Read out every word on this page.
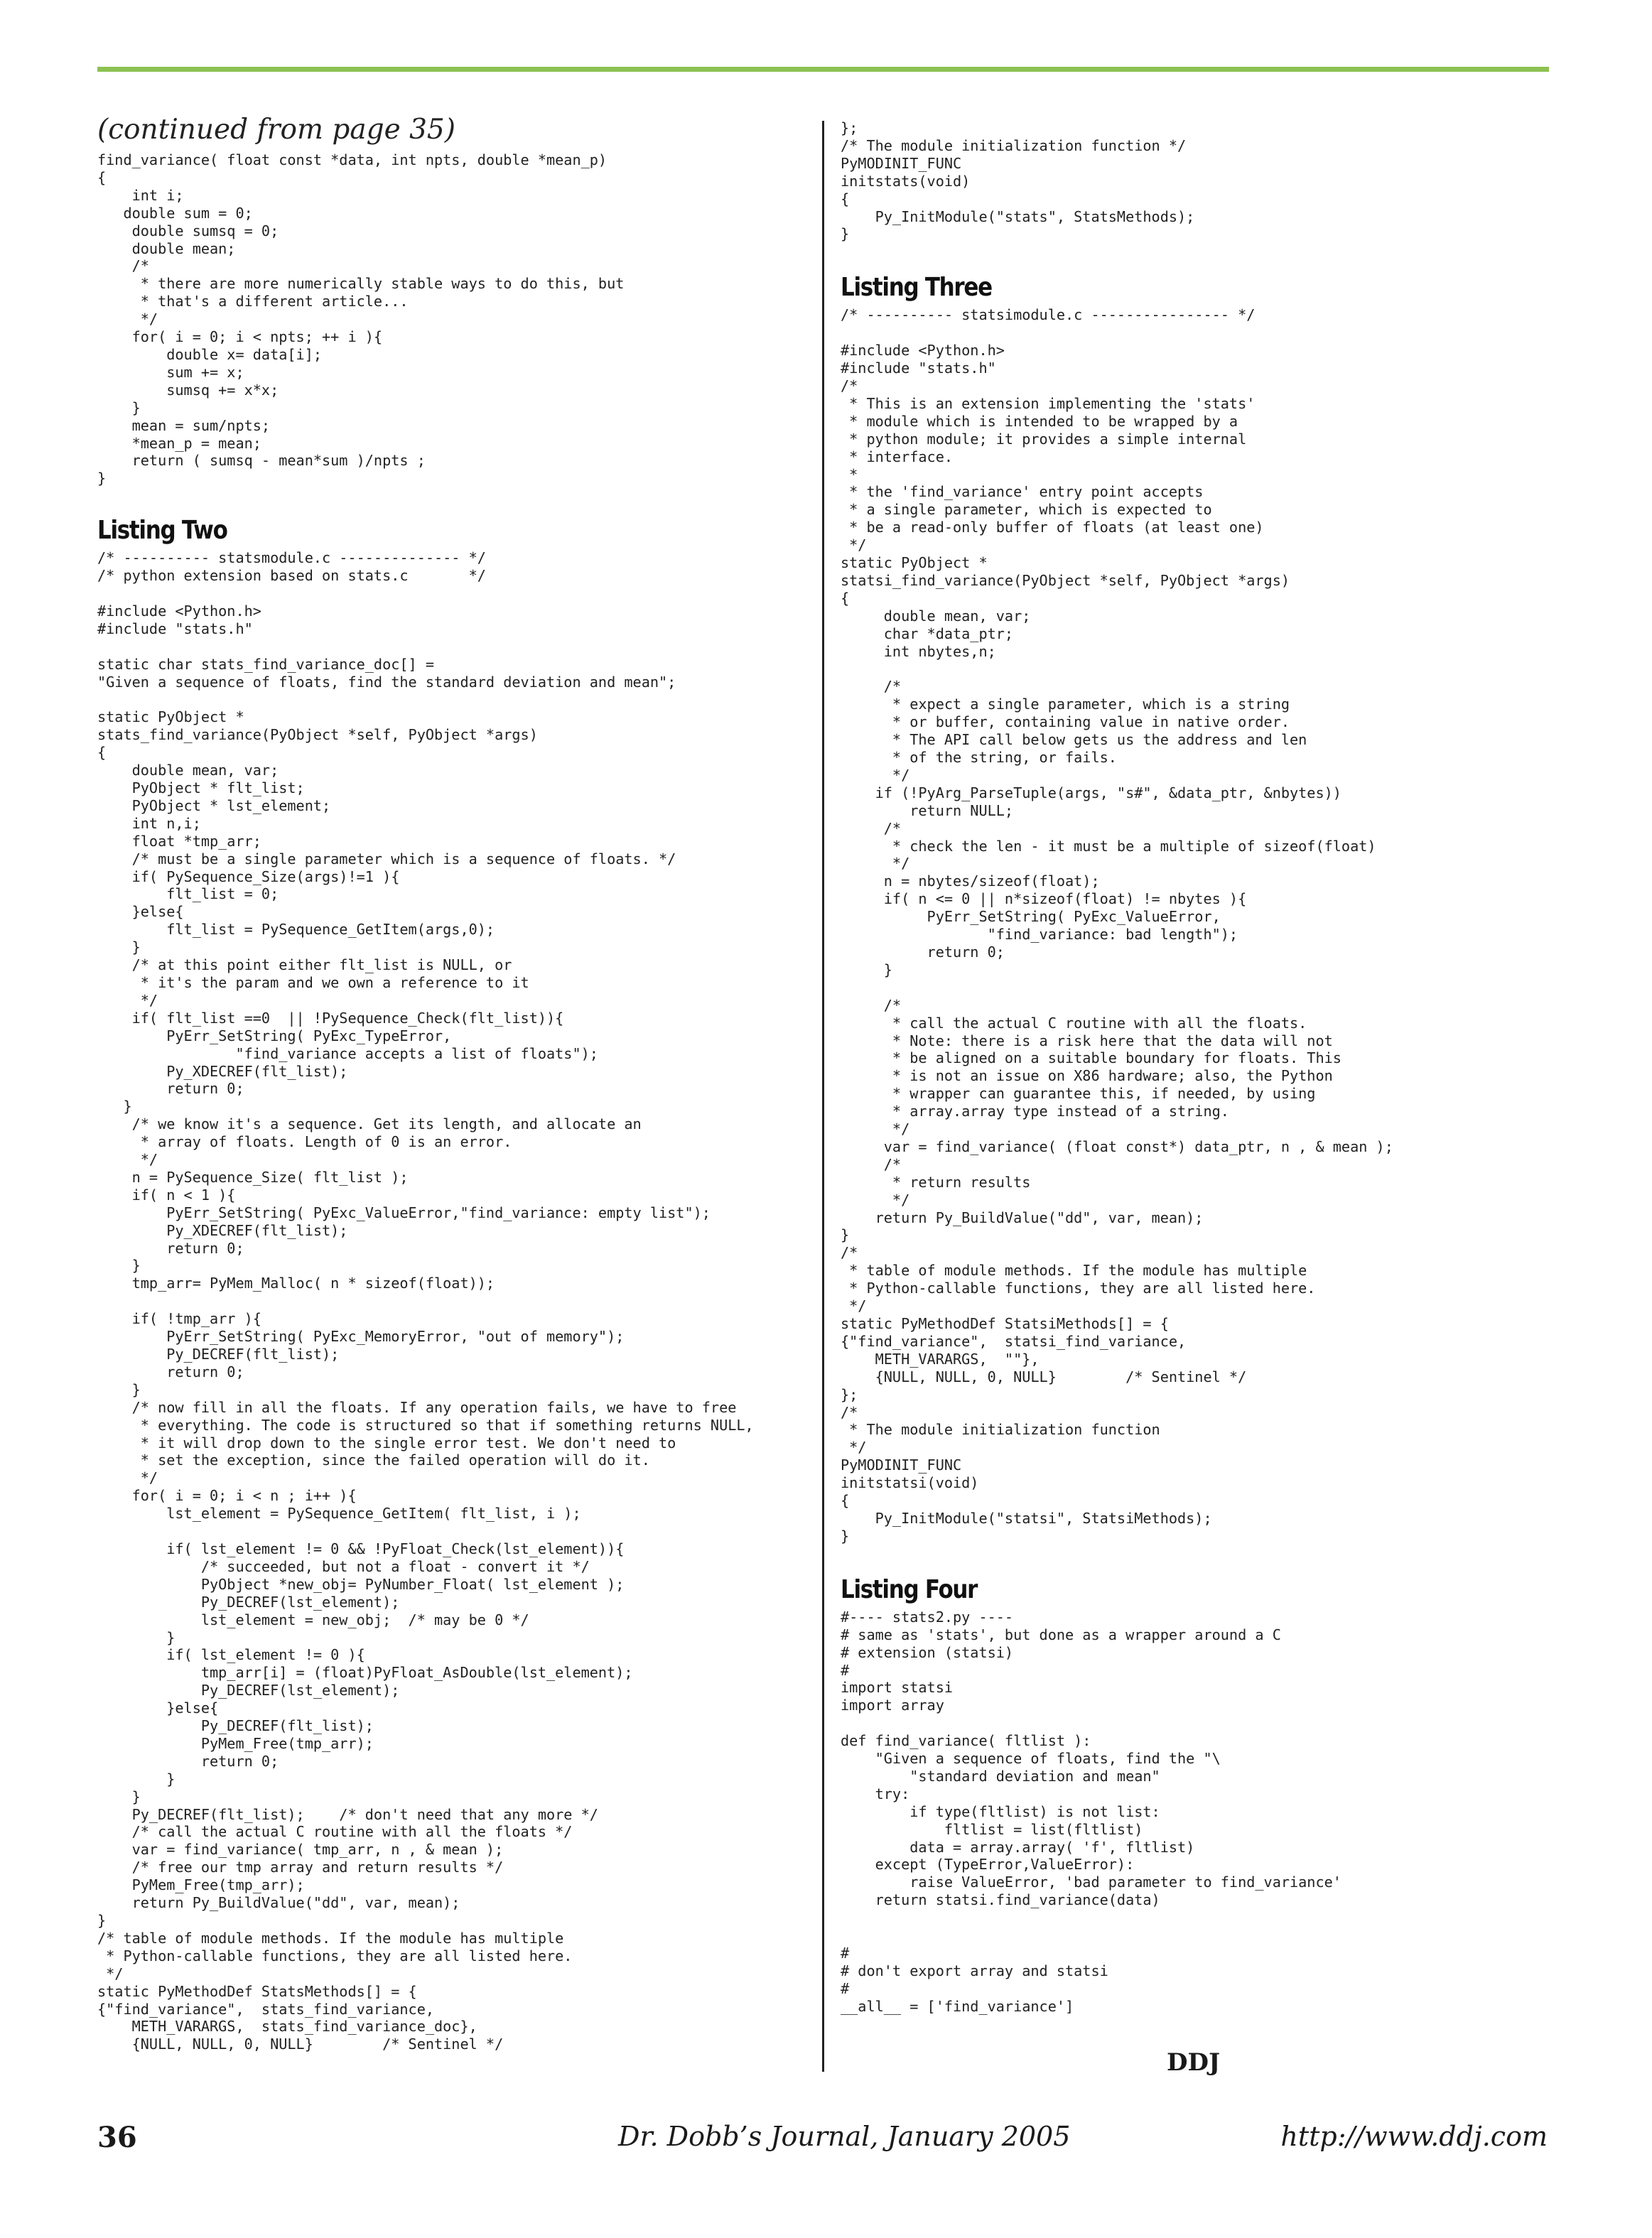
(continued from page 35)
find_variance( float const *data, int npts, double *mean_p)
{
int i;
double sum = 0;
double sumsq = 0;
double mean;
/*
* there are more numerically stable ways to do this, but
* that's a different article...
*/
for( i = 0; i < npts; ++ i ){
double x= data[i];
sum += x;
sumsq += x*x;
}
mean = sum/npts;
*mean_p = mean;
return ( sumsq - mean*sum )/npts ;
}
Listing Two
/* ---------- statsmodule.c -------------- */
/* python extension based on stats.c       */

#include <Python.h>
#include "stats.h"

static char stats_find_variance_doc[] =
"Given a sequence of floats, find the standard deviation and mean";

static PyObject *
stats_find_variance(PyObject *self, PyObject *args)
{
double mean, var;
PyObject * flt_list;
PyObject * lst_element;
int n,i;
float *tmp_arr;
/* must be a single parameter which is a sequence of floats. */
if( PySequence_Size(args)!=1 ){
flt_list = 0;
}else{
flt_list = PySequence_GetItem(args,0);
}
/* at this point either flt_list is NULL, or
* it's the param and we own a reference to it
*/
if( flt_list ==0  || !PySequence_Check(flt_list)){
PyErr_SetString( PyExc_TypeError,
"find_variance accepts a list of floats");
Py_XDECREF(flt_list);
return 0;
}
/* we know it's a sequence. Get its length, and allocate an
* array of floats. Length of 0 is an error.
*/
n = PySequence_Size( flt_list );
if( n < 1 ){
PyErr_SetString( PyExc_ValueError,"find_variance: empty list");
Py_XDECREF(flt_list);
return 0;
}
tmp_arr= PyMem_Malloc( n * sizeof(float));

if( !tmp_arr ){
PyErr_SetString( PyExc_MemoryError, "out of memory");
Py_DECREF(flt_list);
return 0;
}
/* now fill in all the floats. If any operation fails, we have to free
* everything. The code is structured so that if something returns NULL,
* it will drop down to the single error test. We don't need to
* set the exception, since the failed operation will do it.
*/
for( i = 0; i < n ; i++ ){
lst_element = PySequence_GetItem( flt_list, i );

if( lst_element != 0 && !PyFloat_Check(lst_element)){
/* succeeded, but not a float - convert it */
PyObject *new_obj= PyNumber_Float( lst_element );
Py_DECREF(lst_element);
lst_element = new_obj;  /* may be 0 */
}
if( lst_element != 0 ){
tmp_arr[i] = (float)PyFloat_AsDouble(lst_element);
Py_DECREF(lst_element);
}else{
Py_DECREF(flt_list);
PyMem_Free(tmp_arr);
return 0;
}
}
Py_DECREF(flt_list);    /* don't need that any more */
/* call the actual C routine with all the floats */
var = find_variance( tmp_arr, n , & mean );
/* free our tmp array and return results */
PyMem_Free(tmp_arr);
return Py_BuildValue("dd", var, mean);
}
/* table of module methods. If the module has multiple
* Python-callable functions, they are all listed here.
*/
static PyMethodDef StatsMethods[] = {
{"find_variance",  stats_find_variance,
METH_VARARGS,  stats_find_variance_doc},
{NULL, NULL, 0, NULL}        /* Sentinel */
};
/* The module initialization function */
PyMODINIT_FUNC
initstats(void)
{
Py_InitModule("stats", StatsMethods);
}
Listing Three
/* ---------- statsimodule.c ---------------- */

#include <Python.h>
#include "stats.h"
/*
* This is an extension implementing the 'stats'
* module which is intended to be wrapped by a
* python module; it provides a simple internal
* interface.
*
* the 'find_variance' entry point accepts
* a single parameter, which is expected to
* be a read-only buffer of floats (at least one)
*/
static PyObject *
statsi_find_variance(PyObject *self, PyObject *args)
{
double mean, var;
char *data_ptr;
int nbytes,n;

/*
* expect a single parameter, which is a string
* or buffer, containing value in native order.
* The API call below gets us the address and len
* of the string, or fails.
*/
if (!PyArg_ParseTuple(args, "s#", &data_ptr, &nbytes))
return NULL;
/*
* check the len - it must be a multiple of sizeof(float)
*/
n = nbytes/sizeof(float);
if( n <= 0 || n*sizeof(float) != nbytes ){
PyErr_SetString( PyExc_ValueError,
"find_variance: bad length");
return 0;
}

/*
* call the actual C routine with all the floats.
* Note: there is a risk here that the data will not
* be aligned on a suitable boundary for floats. This
* is not an issue on X86 hardware; also, the Python
* wrapper can guarantee this, if needed, by using
* array.array type instead of a string.
*/
var = find_variance( (float const*) data_ptr, n , & mean );
/*
* return results
*/
return Py_BuildValue("dd", var, mean);
}
/*
* table of module methods. If the module has multiple
* Python-callable functions, they are all listed here.
*/
static PyMethodDef StatsiMethods[] = {
{"find_variance",  statsi_find_variance,
METH_VARARGS,  ""},
{NULL, NULL, 0, NULL}        /* Sentinel */
};
/*
* The module initialization function
*/
PyMODINIT_FUNC
initstatsi(void)
{
Py_InitModule("statsi", StatsiMethods);
}
Listing Four
#---- stats2.py ----
# same as 'stats', but done as a wrapper around a C
# extension (statsi)
#
import statsi
import array

def find_variance( fltlist ):
"Given a sequence of floats, find the "\
"standard deviation and mean"
try:
if type(fltlist) is not list:
fltlist = list(fltlist)
data = array.array( 'f', fltlist)
except (TypeError,ValueError):
raise ValueError, 'bad parameter to find_variance'
return statsi.find_variance(data)

#
# don't export array and statsi
#
__all__ = ['find_variance']
DDJ
36	Dr. Dobb’s Journal, January 2005	http://www.ddj.com
